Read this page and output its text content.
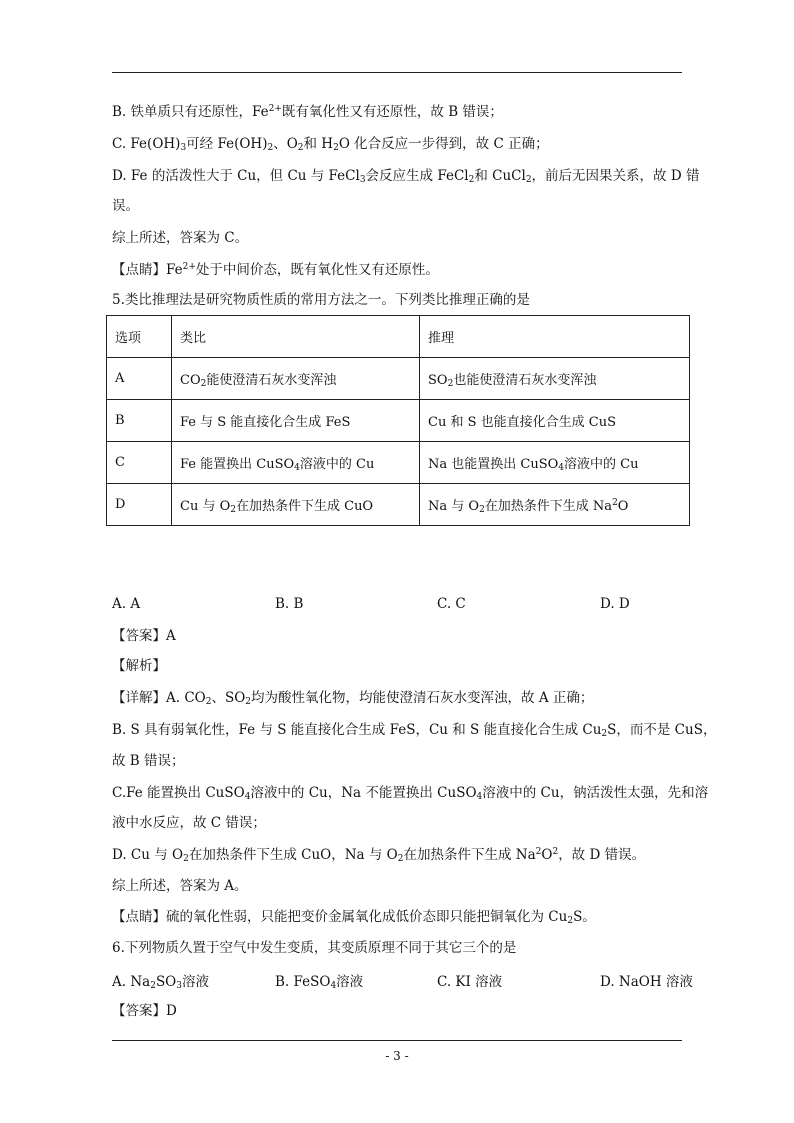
B. 铁单质只有还原性，$Fe^{2+}$既有氧化性又有还原性，故 B 错误；
C. $Fe(OH)_3$可经 $Fe(OH)_2$、$O_2$和 $H_2O$ 化合反应一步得到，故 C 正确；
D. Fe 的活泼性大于 Cu，但 Cu 与 FeCl$_3$会反应生成 FeCl$_2$和 CuCl$_2$，前后无因果关系，故 D 错
误。
综上所述，答案为 C。
【点睛】$Fe^{2+}$处于中间价态，既有氧化性又有还原性。
5.类比推理法是研究物质性质的常用方法之一。下列类比推理正确的是
选项	类比	推理
A	$CO_2$能使澄清石灰水变浑浊	$SO_2$也能使澄清石灰水变浑浊
B	Fe 与 S 能直接化合生成 FeS	Cu 和 S 也能直接化合生成 CuS
C	Fe 能置换出 CuSO$_4$溶液中的 Cu	Na 也能置换出 CuSO$_4$溶液中的 Cu
D	Cu 与 $O_2$在加热条件下生成 CuO	Na 与 $O_2$在加热条件下生成 Na$^2$O
A. A	B. B	C. C	D. D
【答案】A
【解析】
【详解】A. $CO_2$、$SO_2$均为酸性氧化物，均能使澄清石灰水变浑浊，故 A 正确；
B. S 具有弱氧化性，Fe 与 S 能直接化合生成 FeS，Cu 和 S 能直接化合生成 $Cu_2S$，而不是 CuS，
故 B 错误；
C.Fe 能置换出 CuSO$_4$溶液中的 Cu，Na 不能置换出 CuSO$_4$溶液中的 Cu，钠活泼性太强，先和溶
液中水反应，故 C 错误；
D. Cu 与 $O_2$在加热条件下生成 CuO，Na 与 $O_2$在加热条件下生成 $Na^2O^2$，故 D 错误。
综上所述，答案为 A。
【点睛】硫的氧化性弱，只能把变价金属氧化成低价态即只能把铜氧化为 $Cu_2S$。
6.下列物质久置于空气中发生变质，其变质原理不同于其它三个的是
A. $Na_2SO_3$溶液	B. FeSO$_4$溶液	C. KI 溶液	D. NaOH 溶液
【答案】D
- 3 -
